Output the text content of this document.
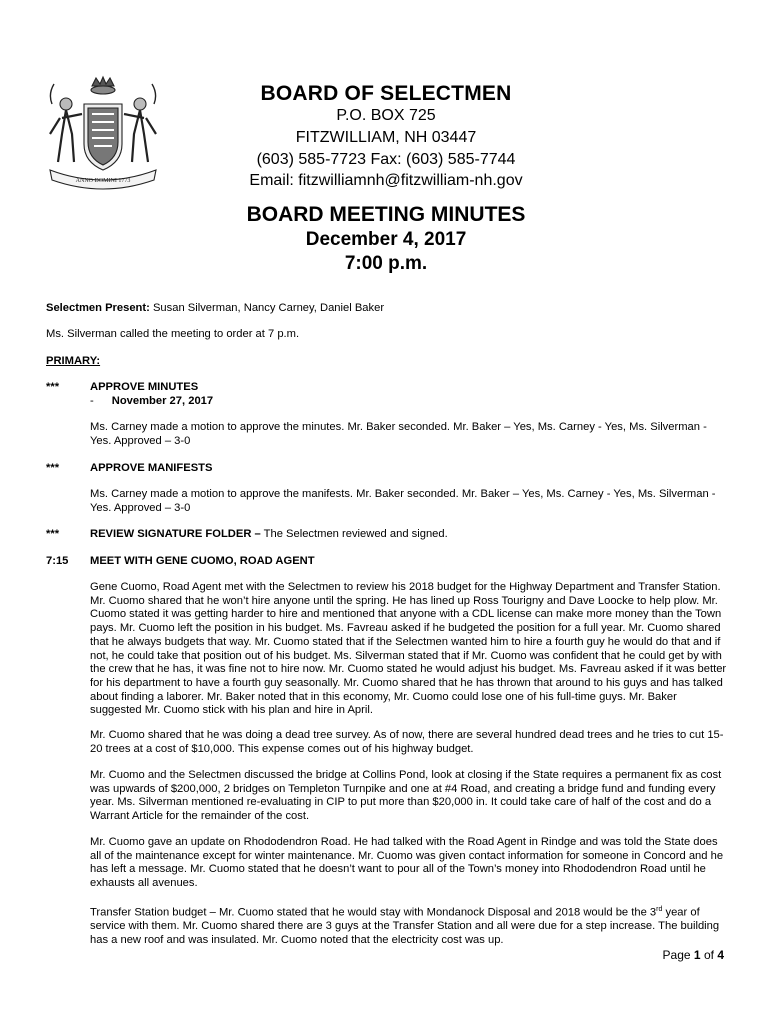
ANNO DOMINI 1773
BOARD OF SELECTMEN
P.O. BOX 725
FITZWILLIAM, NH 03447
(603) 585-7723 Fax: (603) 585-7744
Email: fitzwilliamnh@fitzwilliam-nh.gov
BOARD MEETING MINUTES
December 4, 2017
7:00 p.m.
Selectmen Present: Susan Silverman, Nancy Carney, Daniel Baker
Ms. Silverman called the meeting to order at 7 p.m.
PRIMARY:
***	APPROVE MINUTES
- November 27, 2017
Ms. Carney made a motion to approve the minutes. Mr. Baker seconded. Mr. Baker – Yes, Ms. Carney - Yes, Ms. Silverman - Yes. Approved – 3-0
***	APPROVE MANIFESTS
Ms. Carney made a motion to approve the manifests. Mr. Baker seconded. Mr. Baker – Yes, Ms. Carney - Yes, Ms. Silverman - Yes. Approved – 3-0
***	REVIEW SIGNATURE FOLDER – The Selectmen reviewed and signed.
7:15	MEET WITH GENE CUOMO, ROAD AGENT
Gene Cuomo, Road Agent met with the Selectmen to review his 2018 budget for the Highway Department and Transfer Station. Mr. Cuomo shared that he won’t hire anyone until the spring. He has lined up Ross Tourigny and Dave Loocke to help plow. Mr. Cuomo stated it was getting harder to hire and mentioned that anyone with a CDL license can make more money than the Town pays. Mr. Cuomo left the position in his budget. Ms. Favreau asked if he budgeted the position for a full year. Mr. Cuomo shared that he always budgets that way. Mr. Cuomo stated that if the Selectmen wanted him to hire a fourth guy he would do that and if not, he could take that position out of his budget. Ms. Silverman stated that if Mr. Cuomo was confident that he could get by with the crew that he has, it was fine not to hire now. Mr. Cuomo stated he would adjust his budget. Ms. Favreau asked if it was better for his department to have a fourth guy seasonally. Mr. Cuomo shared that he has thrown that around to his guys and has talked about finding a laborer. Mr. Baker noted that in this economy, Mr. Cuomo could lose one of his full-time guys. Mr. Baker suggested Mr. Cuomo stick with his plan and hire in April.
Mr. Cuomo shared that he was doing a dead tree survey. As of now, there are several hundred dead trees and he tries to cut 15-20 trees at a cost of $10,000. This expense comes out of his highway budget.
Mr. Cuomo and the Selectmen discussed the bridge at Collins Pond, look at closing if the State requires a permanent fix as cost was upwards of $200,000, 2 bridges on Templeton Turnpike and one at #4 Road, and creating a bridge fund and funding every year. Ms. Silverman mentioned re-evaluating in CIP to put more than $20,000 in. It could take care of half of the cost and do a Warrant Article for the remainder of the cost.
Mr. Cuomo gave an update on Rhododendron Road. He had talked with the Road Agent in Rindge and was told the State does all of the maintenance except for winter maintenance. Mr. Cuomo was given contact information for someone in Concord and he has left a message. Mr. Cuomo stated that he doesn’t want to pour all of the Town’s money into Rhododendron Road until he exhausts all avenues.
Transfer Station budget – Mr. Cuomo stated that he would stay with Mondanock Disposal and 2018 would be the 3rd year of service with them. Mr. Cuomo shared there are 3 guys at the Transfer Station and all were due for a step increase. The building has a new roof and was insulated. Mr. Cuomo noted that the electricity cost was up.
Page 1 of 4
